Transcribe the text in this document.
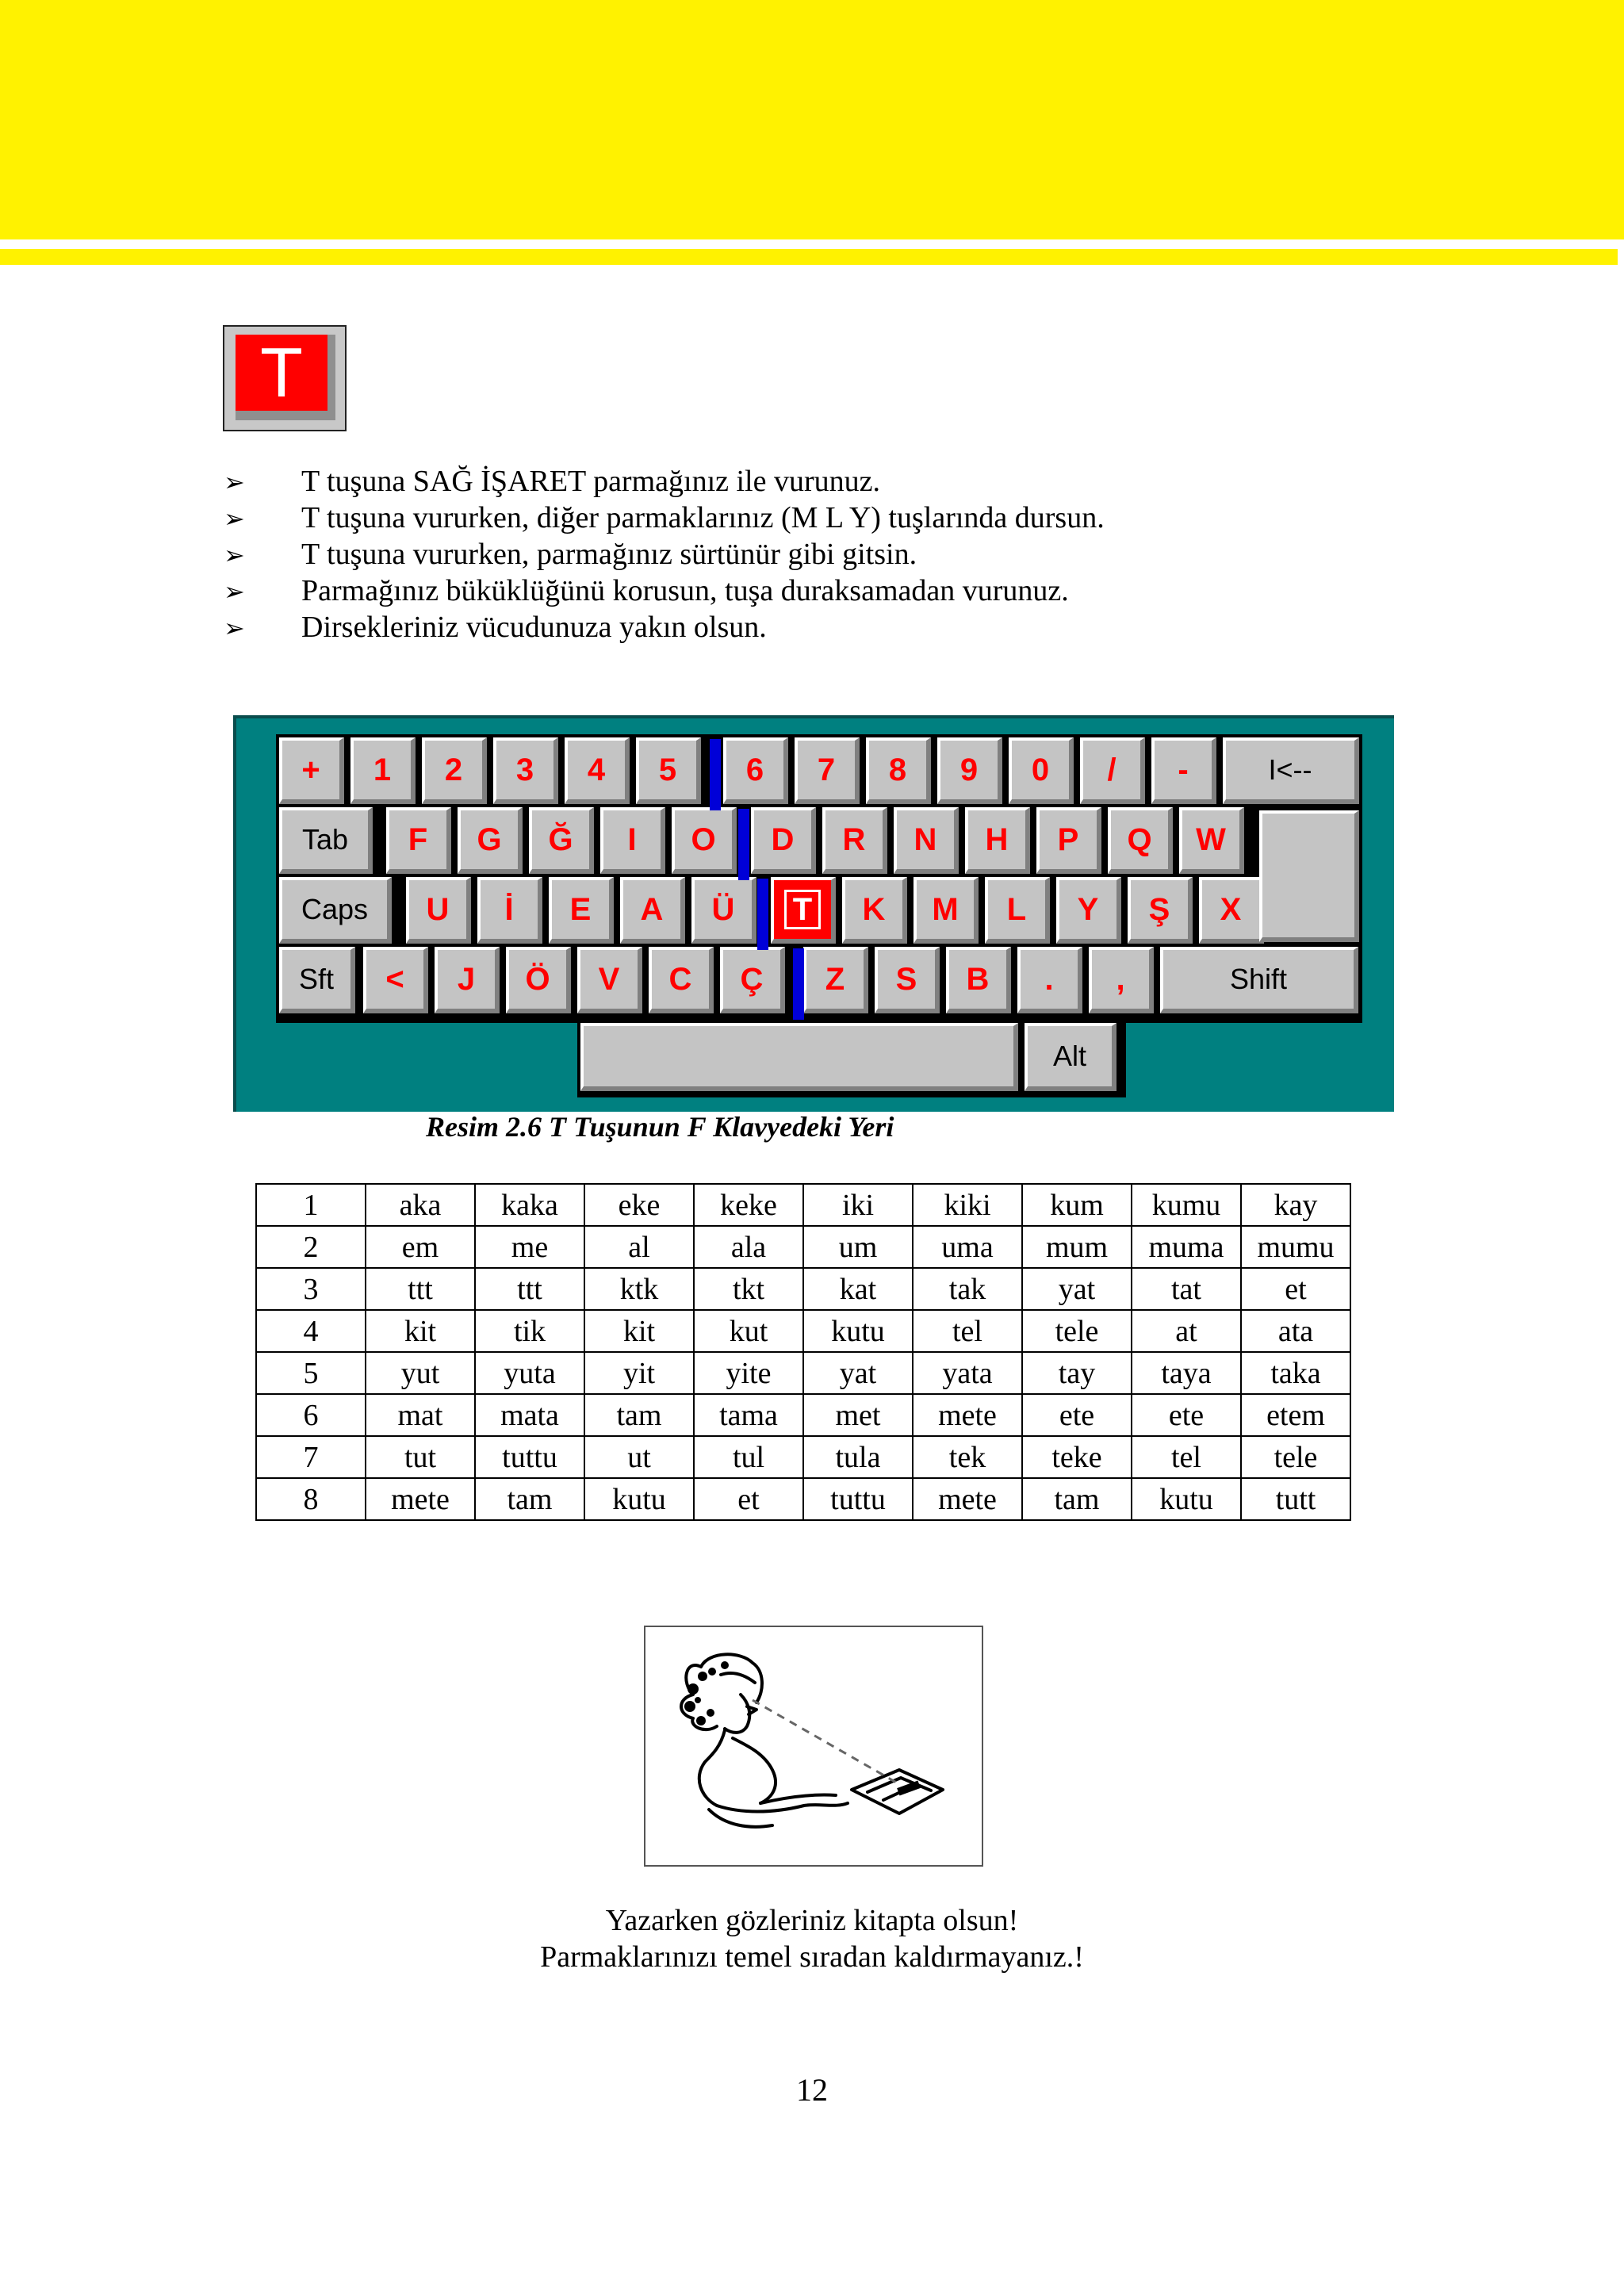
T
➢ T tuşuna SAĞ İŞARET parmağınız ile vurunuz.
➢ T tuşuna vururken, diğer parmaklarınız (M L Y) tuşlarında dursun.
➢ T tuşuna vururken, parmağınız sürtünür gibi gitsin.
➢ Parmağınız büküklüğünü korusun, tuşa duraksamadan vurunuz.
➢ Dirsekleriniz vücudunuza yakın olsun.
+ 1 2 3 4 5 6 7 8 9 0 / -	I<--
Tab F G Ğ I O D R N H P Q W
Caps U İ E A Ü T K M L Y Ş X
Sft < J Ö V C Ç Z S B . ,	Shift
Alt
Resim 2.6 T Tuşunun F Klavyedeki Yeri
1	aka	kaka	eke	keke	iki	kiki	kum	kumu	kay
2	em	me	al	ala	um	uma	mum	muma	mumu
3	ttt	ttt	ktk	tkt	kat	tak	yat	tat	et
4	kit	tik	kit	kut	kutu	tel	tele	at	ata
5	yut	yuta	yit	yite	yat	yata	tay	taya	taka
6	mat	mata	tam	tama	met	mete	ete	ete	etem
7	tut	tuttu	ut	tul	tula	tek	teke	tel	tele
8	mete	tam	kutu	et	tuttu	mete	tam	kutu	tutt
Yazarken gözleriniz kitapta olsun!
Parmaklarınızı temel sıradan kaldırmayanız.!
12
